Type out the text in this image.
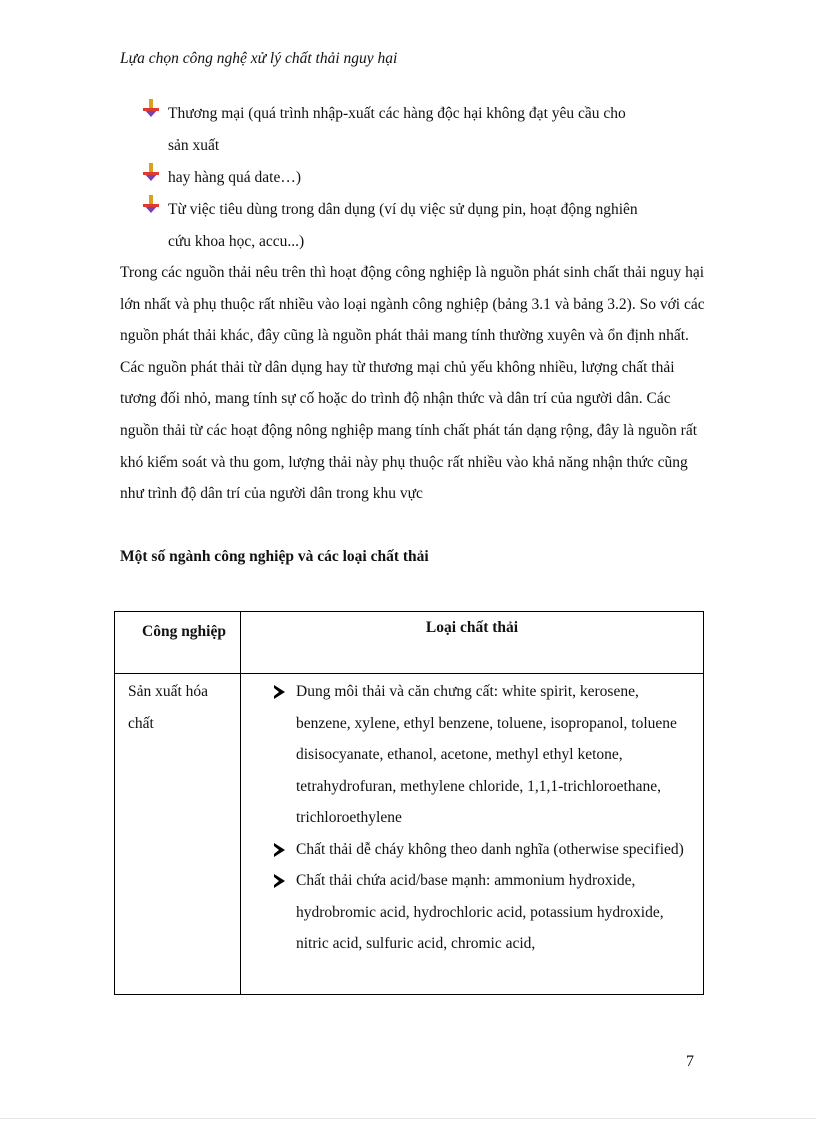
Lựa chọn công nghệ xử lý chất thải nguy hại
Thương mại (quá trình nhập-xuất các hàng độc hại không đạt yêu cầu cho
sản xuất
hay hàng quá date…)
Từ việc tiêu dùng trong dân dụng (ví dụ việc sử dụng pin, hoạt động nghiên
cứu khoa học, accu...)
Trong các nguồn thải nêu trên thì hoạt động công nghiệp là nguồn phát sinh chất thải nguy hại lớn nhất và phụ thuộc rất nhiều vào loại ngành công nghiệp (bảng 3.1 và bảng 3.2). So với các nguồn phát thải khác, đây cũng là nguồn phát thải mang tính thường xuyên và ổn định nhất. Các nguồn phát thải từ dân dụng hay từ thương mại chủ yếu không nhiều, lượng chất thải tương đối nhỏ, mang tính sự cố hoặc do trình độ nhận thức và dân trí của người dân. Các nguồn thải từ các hoạt động nông nghiệp mang tính chất phát tán dạng rộng, đây là nguồn rất khó kiểm soát và thu gom, lượng thải này phụ thuộc rất nhiều vào khả năng nhận thức cũng như trình độ dân trí của người dân trong khu vực
Một số ngành công nghiệp và các loại chất thải
Công nghiệp	Loại chất thải
Sản xuất hóa chất	Dung môi thải và căn chưng cất: white spirit, kerosene, benzene, xylene, ethyl benzene, toluene, isopropanol, toluene disisocyanate, ethanol, acetone, methyl ethyl ketone, tetrahydrofuran, methylene chloride, 1,1,1-trichloroethane, trichloroethylene
Chất thải dễ cháy không theo danh nghĩa (otherwise specified)
Chất thải chứa acid/base mạnh: ammonium hydroxide, hydrobromic acid, hydrochloric acid, potassium hydroxide, nitric acid, sulfuric acid, chromic acid,
7
